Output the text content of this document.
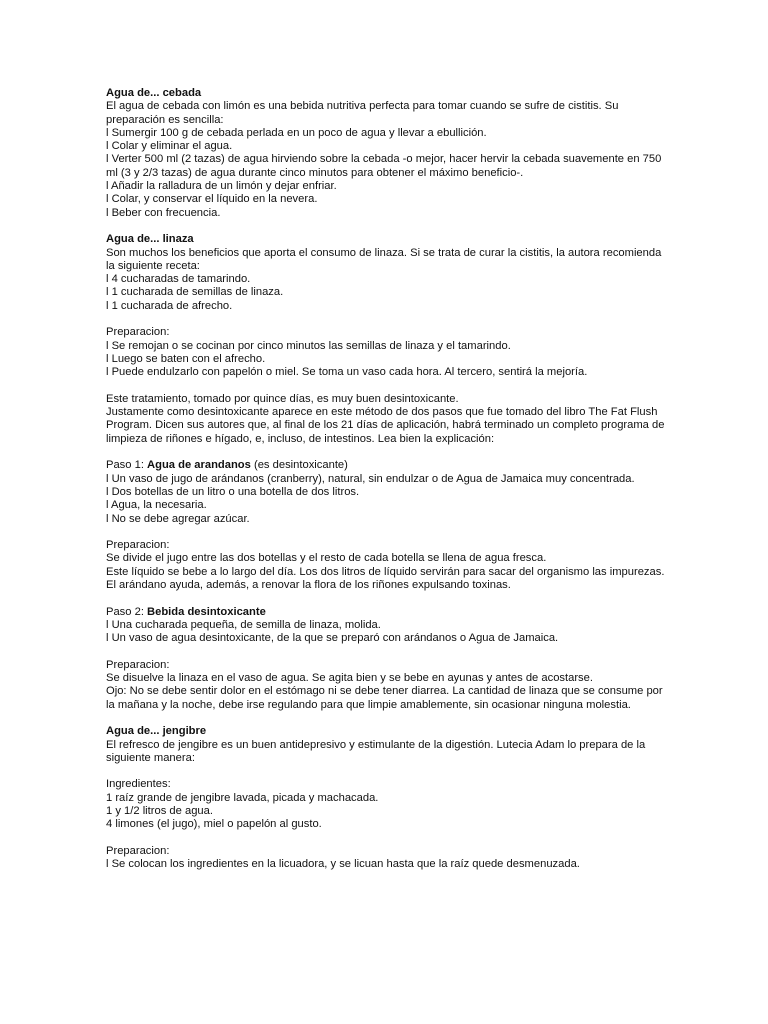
Agua de... cebada

El agua de cebada con limón es una bebida nutritiva perfecta para tomar cuando se sufre de cistitis. Su preparación es sencilla:

l Sumergir 100 g de cebada perlada en un poco de agua y llevar a ebullición.

l Colar y eliminar el agua.

l Verter 500 ml (2 tazas) de agua hirviendo sobre la cebada -o mejor, hacer hervir la cebada suavemente en 750 ml (3 y 2/3 tazas) de agua durante cinco minutos para obtener el máximo beneficio-.

l Añadir la ralladura de un limón y dejar enfriar.

l Colar, y conservar el líquido en la nevera.

l Beber con frecuencia.

Agua de... linaza

Son muchos los beneficios que aporta el consumo de linaza. Si se trata de curar la cistitis, la autora recomienda la siguiente receta:

l 4 cucharadas de tamarindo.

l 1 cucharada de semillas de linaza.

l 1 cucharada de afrecho.

Preparacion:

l Se remojan o se cocinan por cinco minutos las semillas de linaza y el tamarindo.

l Luego se baten con el afrecho.

l Puede endulzarlo con papelón o miel. Se toma un vaso cada hora. Al tercero, sentirá la mejoría.

Este tratamiento, tomado por quince días, es muy buen desintoxicante.

Justamente como desintoxicante aparece en este método de dos pasos que fue tomado del libro The Fat Flush Program. Dicen sus autores que, al final de los 21 días de aplicación, habrá terminado un completo programa de limpieza de riñones e hígado, e, incluso, de intestinos. Lea bien la explicación:

Paso 1: Agua de arandanos (es desintoxicante)

l Un vaso de jugo de arándanos (cranberry), natural, sin endulzar o de Agua de Jamaica muy concentrada.

l Dos botellas de un litro o una botella de dos litros.

l Agua, la necesaria.

l No se debe agregar azúcar.

Preparacion:

Se divide el jugo entre las dos botellas y el resto de cada botella se llena de agua fresca.

Este líquido se bebe a lo largo del día. Los dos litros de líquido servirán para sacar del organismo las impurezas. El arándano ayuda, además, a renovar la flora de los riñones expulsando toxinas.

Paso 2: Bebida desintoxicante

l Una cucharada pequeña, de semilla de linaza, molida.

l Un vaso de agua desintoxicante, de la que se preparó con arándanos o Agua de Jamaica.

Preparacion:

Se disuelve la linaza en el vaso de agua. Se agita bien y se bebe en ayunas y antes de acostarse.

Ojo: No se debe sentir dolor en el estómago ni se debe tener diarrea. La cantidad de linaza que se consume por la mañana y la noche, debe irse regulando para que limpie amablemente, sin ocasionar ninguna molestia.

Agua de... jengibre

El refresco de jengibre es un buen antidepresivo y estimulante de la digestión. Lutecia Adam lo prepara de la siguiente manera:

Ingredientes:

1 raíz grande de jengibre lavada, picada y machacada.

1 y 1/2 litros de agua.

4 limones (el jugo), miel o papelón al gusto.

Preparacion:

l Se colocan los ingredientes en la licuadora, y se licuan hasta que la raíz quede desmenuzada.
